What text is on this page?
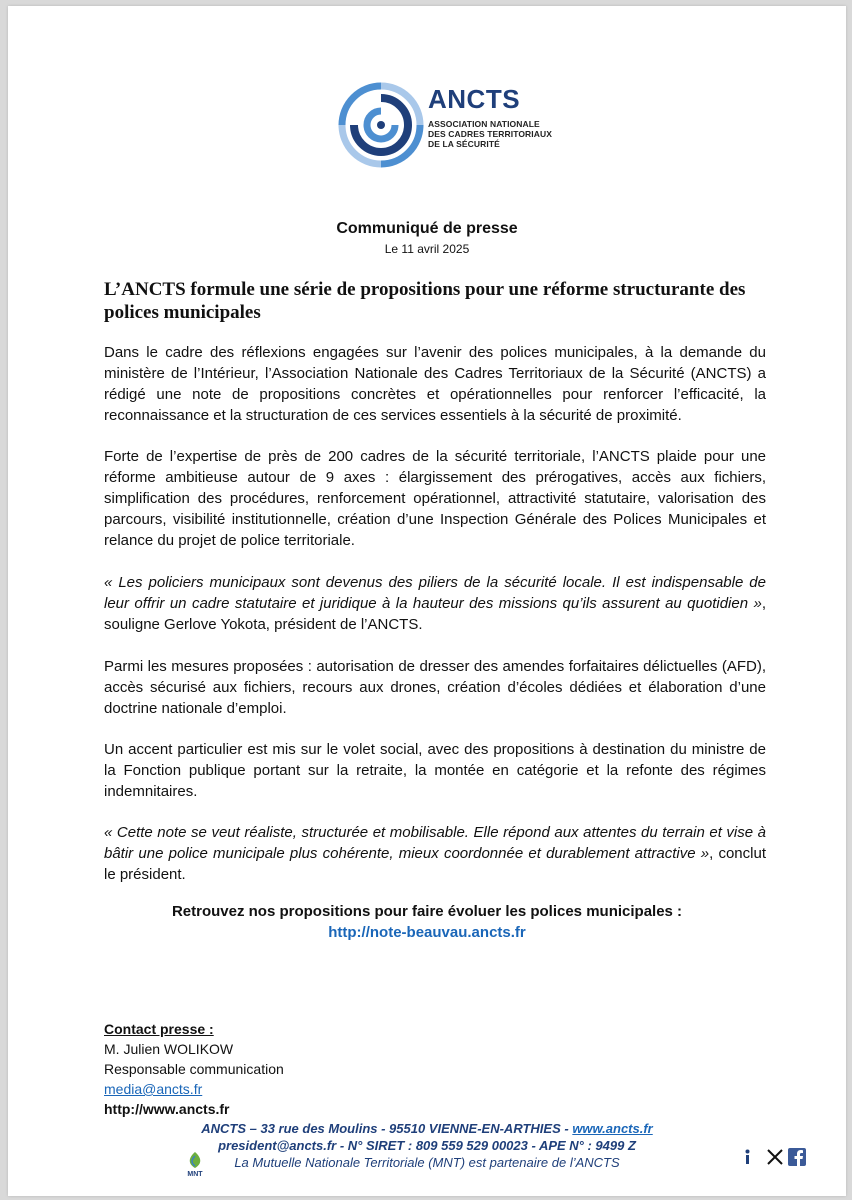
ANCTS
ASSOCIATION NATIONALE
DES CADRES TERRITORIAUX
DE LA SÉCURITÉ
Communiqué de presse
Le 11 avril 2025
L’ANCTS formule une série de propositions pour une réforme structurante des polices municipales

Dans le cadre des réflexions engagées sur l’avenir des polices municipales, à la demande du ministère de l’Intérieur, l’Association Nationale des Cadres Territoriaux de la Sécurité (ANCTS) a rédigé une note de propositions concrètes et opérationnelles pour renforcer l’efficacité, la reconnaissance et la structuration de ces services essentiels à la sécurité de proximité.

Forte de l’expertise de près de 200 cadres de la sécurité territoriale, l’ANCTS plaide pour une réforme ambitieuse autour de 9 axes : élargissement des prérogatives, accès aux fichiers, simplification des procédures, renforcement opérationnel, attractivité statutaire, valorisation des parcours, visibilité institutionnelle, création d’une Inspection Générale des Polices Municipales et relance du projet de police territoriale.

« Les policiers municipaux sont devenus des piliers de la sécurité locale. Il est indispensable de leur offrir un cadre statutaire et juridique à la hauteur des missions qu’ils assurent au quotidien », souligne Gerlove Yokota, président de l’ANCTS.

Parmi les mesures proposées : autorisation de dresser des amendes forfaitaires délictuelles (AFD), accès sécurisé aux fichiers, recours aux drones, création d’écoles dédiées et élaboration d’une doctrine nationale d’emploi.

Un accent particulier est mis sur le volet social, avec des propositions à destination du ministre de la Fonction publique portant sur la retraite, la montée en catégorie et la refonte des régimes indemnitaires.

« Cette note se veut réaliste, structurée et mobilisable. Elle répond aux attentes du terrain et vise à bâtir une police municipale plus cohérente, mieux coordonnée et durablement attractive », conclut le président.

Retrouvez nos propositions pour faire évoluer les polices municipales :
http://note-beauvau.ancts.fr
Contact presse :
M. Julien WOLIKOW
Responsable communication
media@ancts.fr
http://www.ancts.fr
MNT
ANCTS – 33 rue des Moulins - 95510 VIENNE-EN-ARTHIES - www.ancts.fr
president@ancts.fr - N° SIRET : 809 559 529 00023 - APE N° : 9499 Z
La Mutuelle Nationale Territoriale (MNT) est partenaire de l’ANCTS
